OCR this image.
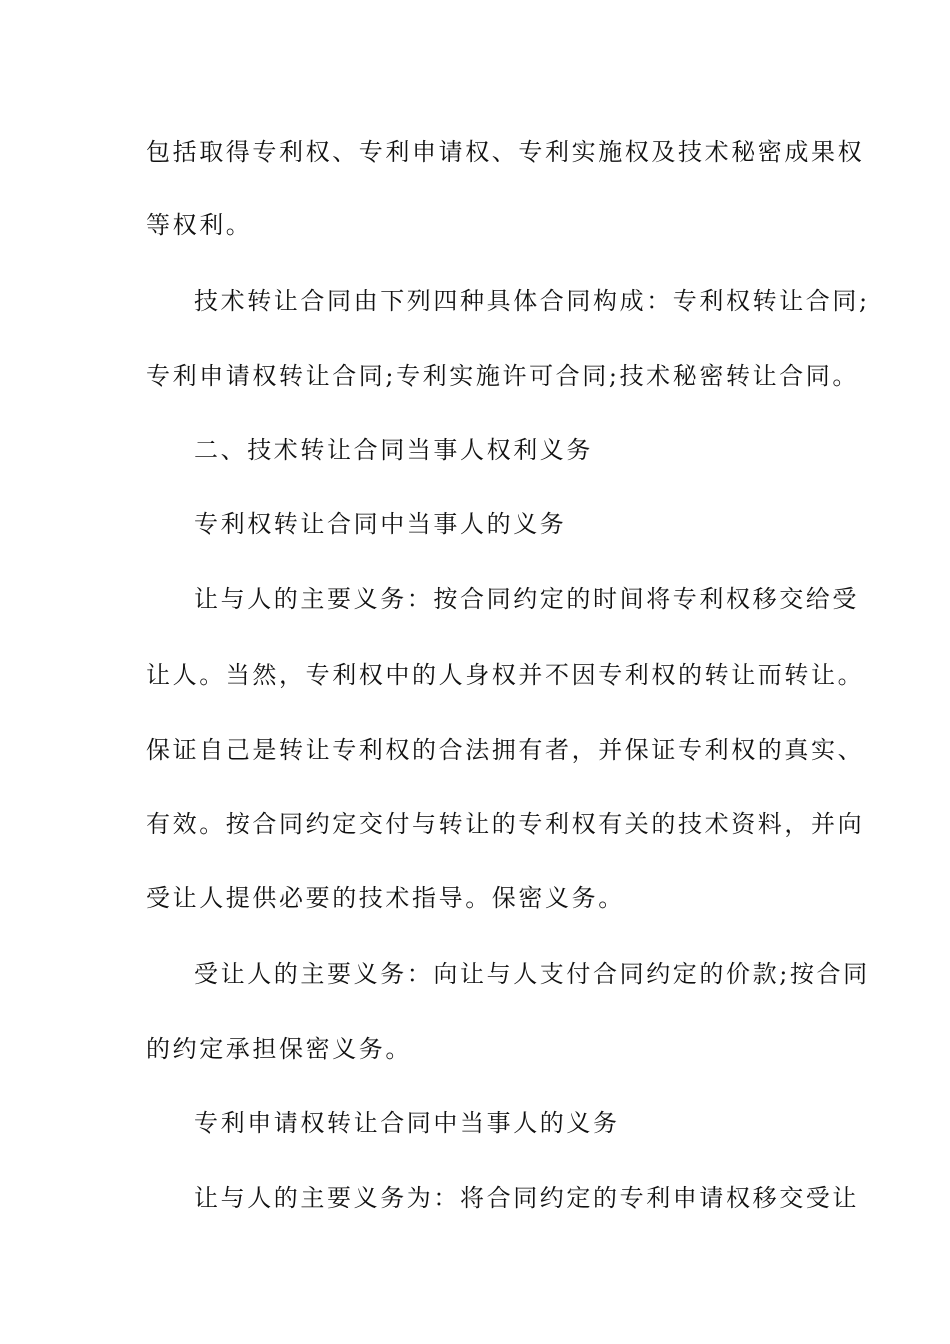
包括取得专利权、专利申请权、专利实施权及技术秘密成果权
等权利。
技术转让合同由下列四种具体合同构成：专利权转让合同;
专利申请权转让合同;专利实施许可合同;技术秘密转让合同。
二、技术转让合同当事人权利义务
专利权转让合同中当事人的义务
让与人的主要义务：按合同约定的时间将专利权移交给受
让人。当然，专利权中的人身权并不因专利权的转让而转让。
保证自己是转让专利权的合法拥有者，并保证专利权的真实、
有效。按合同约定交付与转让的专利权有关的技术资料，并向
受让人提供必要的技术指导。保密义务。
受让人的主要义务：向让与人支付合同约定的价款;按合同
的约定承担保密义务。
专利申请权转让合同中当事人的义务
让与人的主要义务为：将合同约定的专利申请权移交受让
